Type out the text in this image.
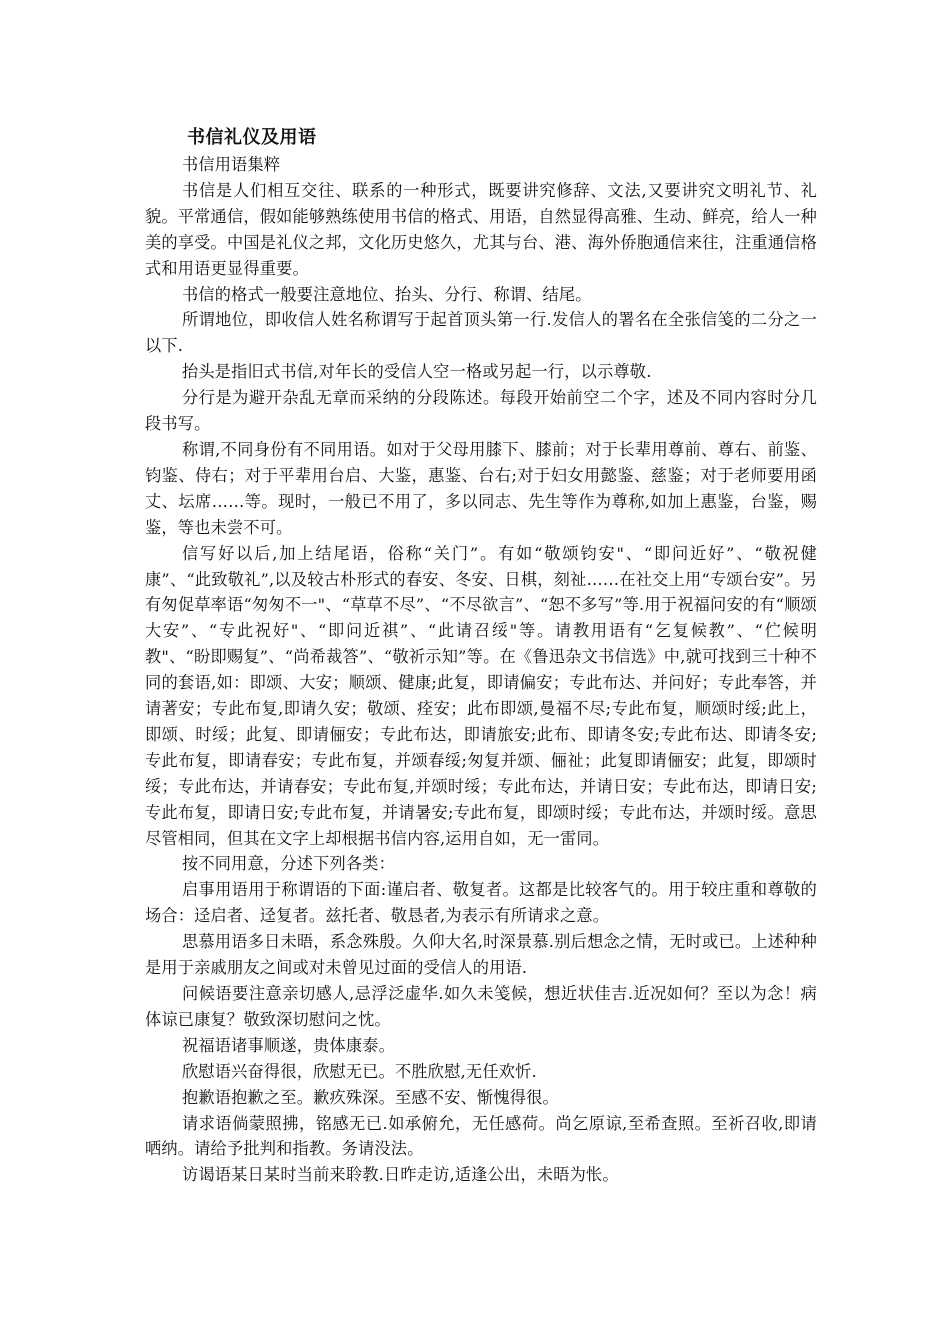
书信礼仪及用语

书信用语集粹

书信是人们相互交往、联系的一种形式，既要讲究修辞、文法,又要讲究文明礼节、礼貌。平常通信，假如能够熟练使用书信的格式、用语，自然显得高雅、生动、鲜亮，给人一种美的享受。中国是礼仪之邦，文化历史悠久，尤其与台、港、海外侨胞通信来往，注重通信格式和用语更显得重要。

书信的格式一般要注意地位、抬头、分行、称谓、结尾。

所谓地位，即收信人姓名称谓写于起首顶头第一行.发信人的署名在全张信笺的二分之一以下.

抬头是指旧式书信,对年长的受信人空一格或另起一行，以示尊敬.

分行是为避开杂乱无章而采纳的分段陈述。每段开始前空二个字，述及不同内容时分几段书写。

称谓,不同身份有不同用语。如对于父母用膝下、膝前；对于长辈用尊前、尊右、前鉴、钧鉴、侍右；对于平辈用台启、大鉴，惠鉴、台右;对于妇女用懿鉴、慈鉴；对于老师要用函丈、坛席……等。现时，一般已不用了，多以同志、先生等作为尊称,如加上惠鉴，台鉴，赐鉴，等也未尝不可。

信写好以后,加上结尾语，俗称“关门”。有如“敬颂钧安"、“即问近好”、“敬祝健康”、“此致敬礼”,以及较古朴形式的春安、冬安、日棋，刻祉……在社交上用“专颂台安”。另有匆促草率语“匆匆不一"、“草草不尽”、“不尽欲言”、“恕不多写”等.用于祝福问安的有“顺颂大安”、“专此祝好"、“即问近祺”、“此请召绥"等。请教用语有“乞复候教”、“伫候明教"、“盼即赐复”、“尚希裁答”、“敬祈示知”等。在《鲁迅杂文书信选》中,就可找到三十种不同的套语,如：即颂、大安；顺颂、健康;此复，即请偏安；专此布达、并问好；专此奉答，并请著安；专此布复,即请久安；敬颂、痊安；此布即颂,曼福不尽;专此布复，顺颂时绥;此上，即颂、时绥；此复、即请俪安；专此布达，即请旅安;此布、即请冬安;专此布达、即请冬安;专此布复，即请春安；专此布复，并颂春绥;匆复并颂、俪祉；此复即请俪安；此复，即颂时绥；专此布达，并请春安；专此布复,并颂时绥；专此布达，并请日安；专此布达，即请日安;专此布复，即请日安;专此布复，并请暑安;专此布复，即颂时绥；专此布达，并颂时绥。意思尽管相同，但其在文字上却根据书信内容,运用自如，无一雷同。

按不同用意，分述下列各类：

启事用语用于称谓语的下面:谨启者、敬复者。这都是比较客气的。用于较庄重和尊敬的场合：迳启者、迳复者。兹托者、敬恳者,为表示有所请求之意。

思慕用语多日未晤，系念殊殷。久仰大名,时深景慕.别后想念之情，无时或已。上述种种是用于亲戚朋友之间或对未曾见过面的受信人的用语.

问候语要注意亲切感人,忌浮泛虚华.如久未笺候，想近状佳吉.近况如何？至以为念！病体谅已康复？敬致深切慰问之忱。

祝福语诸事顺遂，贵体康泰。

欣慰语兴奋得很，欣慰无已。不胜欣慰,无任欢忻.

抱歉语抱歉之至。歉疚殊深。至感不安、惭愧得很。

请求语倘蒙照拂，铭感无已.如承俯允，无任感荷。尚乞原谅,至希查照。至祈召收,即请哂纳。请给予批判和指教。务请没法。

访谒语某日某时当前来聆教.日昨走访,适逢公出，未晤为怅。
